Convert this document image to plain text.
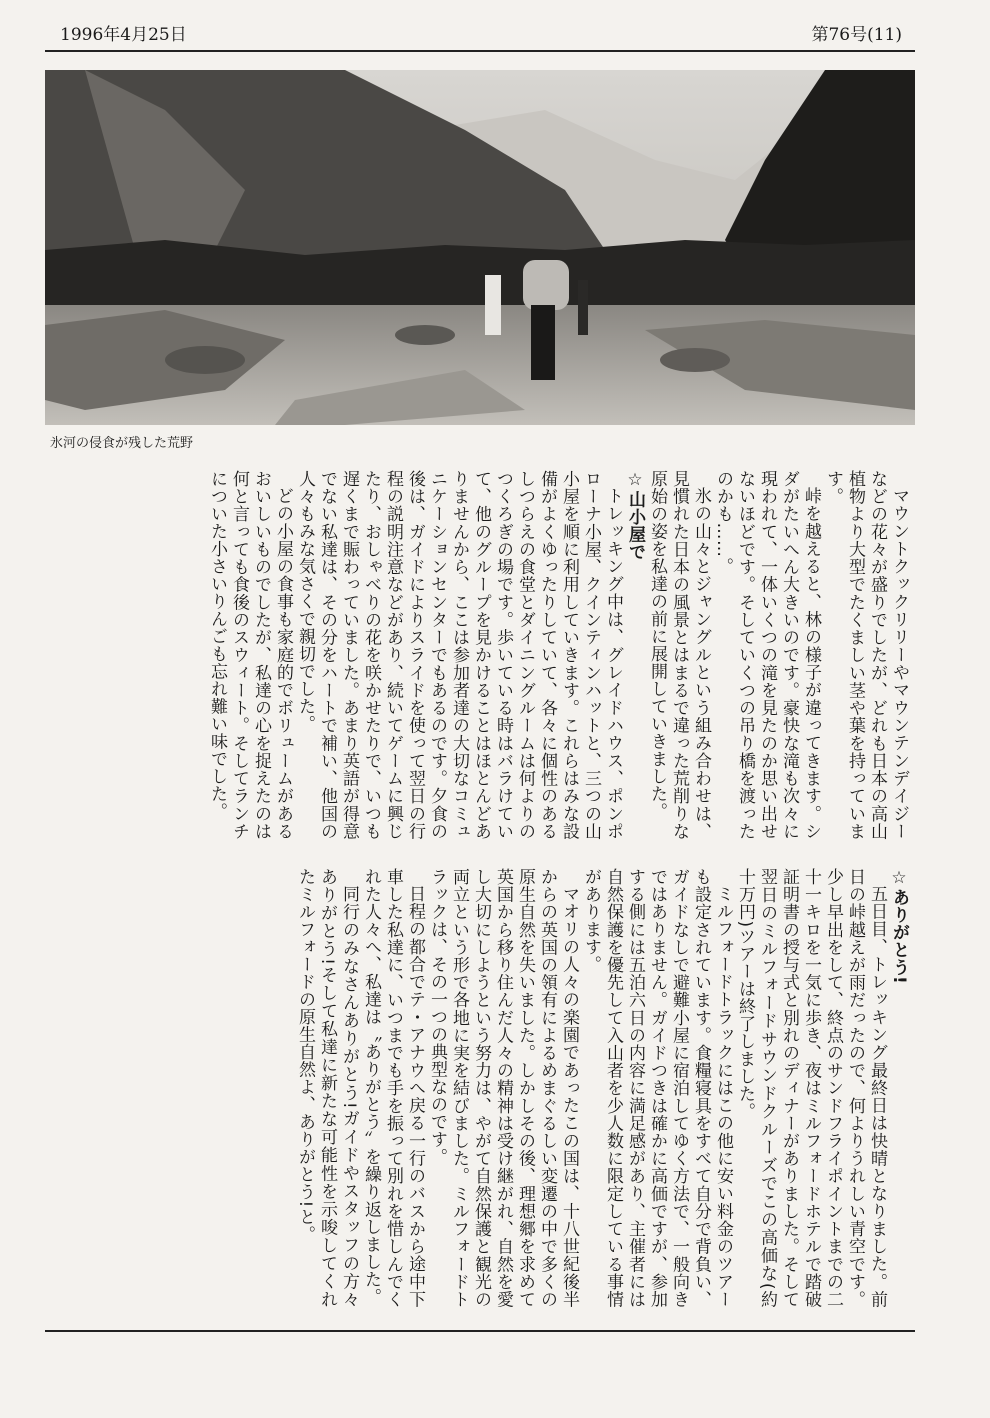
1996年4月25日	第76号(11)
氷河の侵食が残した荒野

マウントクックリリーやマウンテンデイジーなどの花々が盛りでしたが、どれも日本の高山植物より大型でたくましい茎や葉を持っています。

峠を越えると、林の様子が違ってきます。シダがたいへん大きいのです。豪快な滝も次々に現われて、一体いくつの滝を見たのか思い出せないほどです。そしていくつの吊り橋を渡ったのかも……。

氷の山々とジャングルという組み合わせは、見慣れた日本の風景とはまるで違った荒削りな原始の姿を私達の前に展開していきました。

☆山小屋で

トレッキング中は、グレイドハウス、ポンポローナ小屋、クインティンハットと、三つの山小屋を順に利用していきます。これらはみな設備がよくゆったりしていて、各々に個性のあるしつらえの食堂とダイニングルームは何よりのつくろぎの場です。歩いている時はバラけていて、他のグループを見かけることはほとんどありませんから、ここは参加者達の大切なコミュニケーションセンターでもあるのです。夕食の後は、ガイドによりスライドを使って翌日の行程の説明注意などがあり、続いてゲームに興じたり、おしゃべりの花を咲かせたりで、いつも遅くまで賑わっていました。あまり英語が得意でない私達は、その分をハートで補い、他国の人々もみな気さくで親切でした。

どの小屋の食事も家庭的でボリュームがあるおいしいものでしたが、私達の心を捉えたのは何と言っても食後のスウィート。そしてランチについた小さいりんごも忘れ難い味でした。

☆ありがとう!

五日目、トレッキング最終日は快晴となりました。前日の峠越えが雨だったので、何よりうれしい青空です。少し早出をして、終点のサンドフライポイントまでの二十一キロを一気に歩き、夜はミルフォードホテルで踏破証明書の授与式と別れのディナーがありました。そして翌日のミルフォードサウンドクルーズでこの高価な(約十万円)ツアーは終了しました。

ミルフォードトラックにはこの他に安い料金のツアーも設定されています。食糧寝具をすべて自分で背負い、ガイドなしで避難小屋に宿泊してゆく方法で、一般向きではありません。ガイドつきは確かに高価ですが、参加する側には五泊六日の内容に満足感があり、主催者には自然保護を優先して入山者を少人数に限定している事情があります。

マオリの人々の楽園であったこの国は、十八世紀後半からの英国の領有によるめまぐるしい変遷の中で多くの原生自然を失いました。しかしその後、理想郷を求めて英国から移り住んだ人々の精神は受け継がれ、自然を愛し大切にしようという努力は、やがて自然保護と観光の両立という形で各地に実を結びました。ミルフォードトラックは、その一つの典型なのです。

日程の都合でテ・アナウへ戻る一行のバスから途中下車した私達に、いつまでも手を振って別れを惜しんでくれた人々へ、私達は〝ありがとう〟を繰り返しました。

同行のみなさんありがとう!ガイドやスタッフの方々ありがとう!そして私達に新たな可能性を示唆してくれたミルフォードの原生自然よ、ありがとう!と。
